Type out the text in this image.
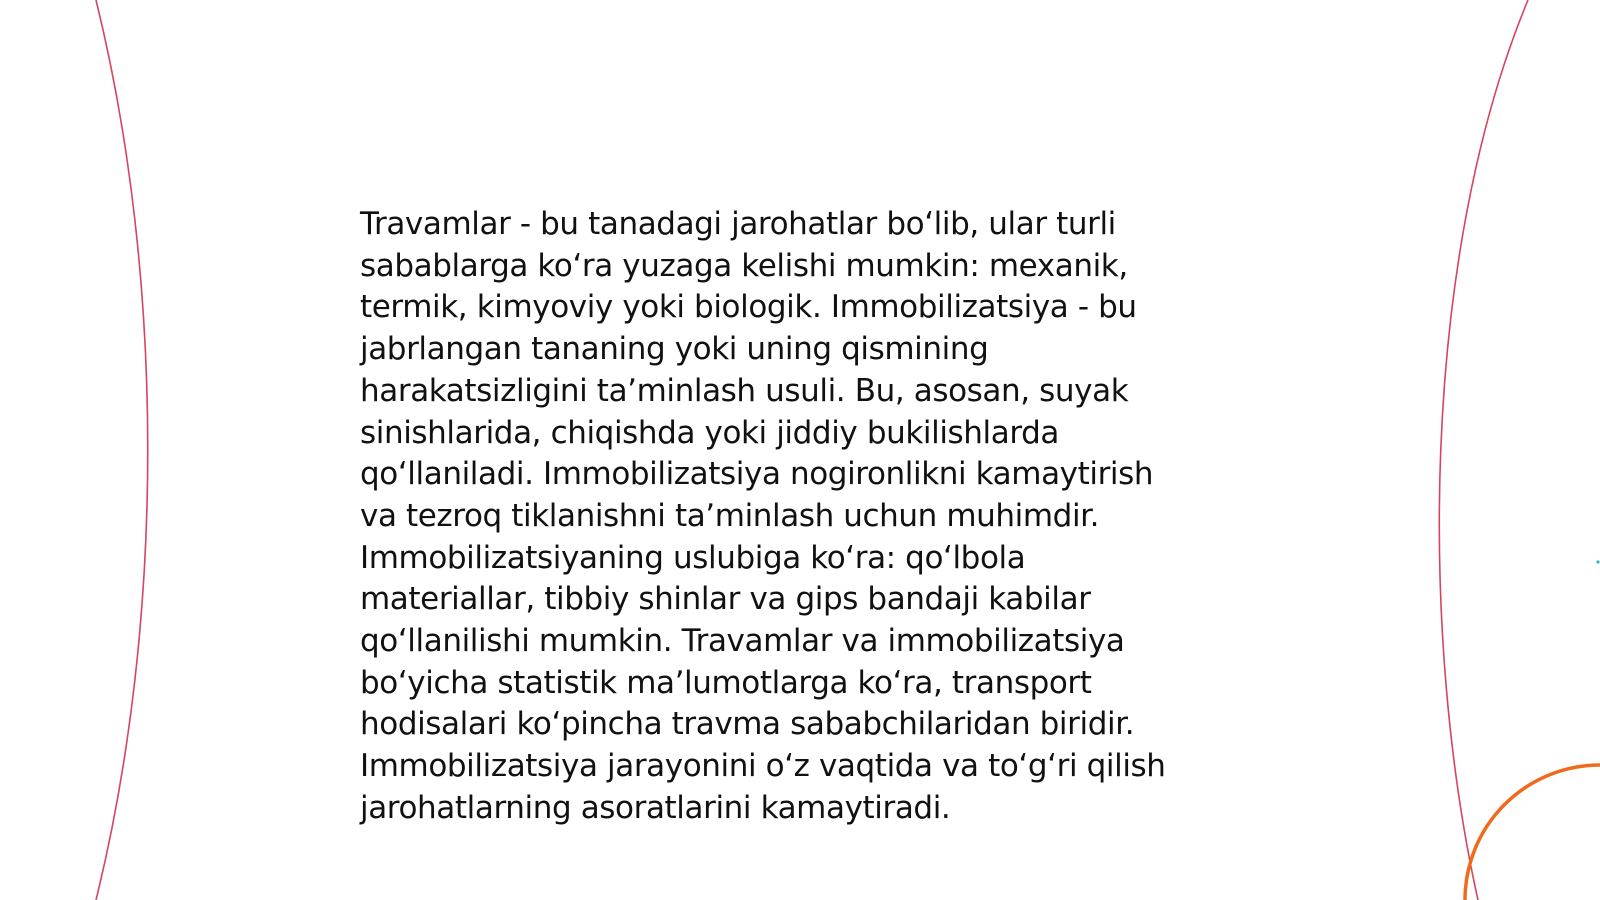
Travamlar - bu tanadagi jarohatlar bo‘lib, ular turli
sabablarga ko‘ra yuzaga kelishi mumkin: mexanik,
termik, kimyoviy yoki biologik. Immobilizatsiya - bu
jabrlangan tananing yoki uning qismining
harakatsizligini ta’minlash usuli. Bu, asosan, suyak
sinishlarida, chiqishda yoki jiddiy bukilishlarda
qo‘llaniladi. Immobilizatsiya nogironlikni kamaytirish
va tezroq tiklanishni ta’minlash uchun muhimdir.
Immobilizatsiyaning uslubiga ko‘ra: qo‘lbola
materiallar, tibbiy shinlar va gips bandaji kabilar
qo‘llanilishi mumkin. Travamlar va immobilizatsiya
bo‘yicha statistik ma’lumotlarga ko‘ra, transport
hodisalari ko‘pincha travma sababchilaridan biridir.
Immobilizatsiya jarayonini o‘z vaqtida va to‘g‘ri qilish
jarohatlarning asoratlarini kamaytiradi.
